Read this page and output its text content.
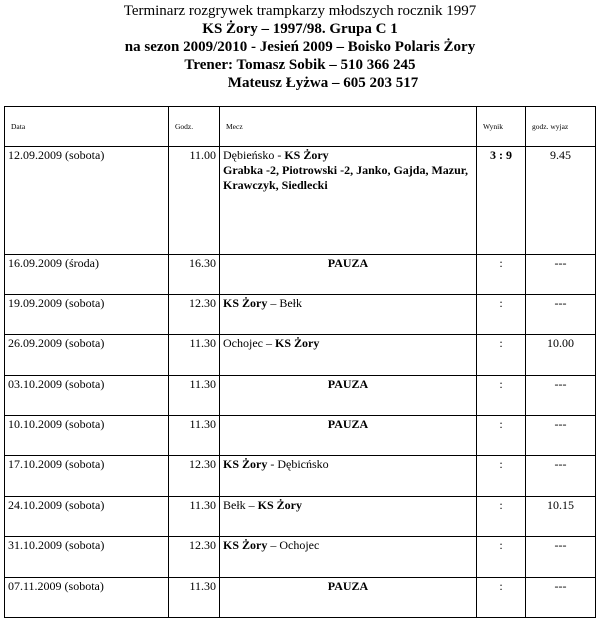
Terminarz rozgrywek trampkarzy młodszych rocznik 1997
KS Żory – 1997/98. Grupa C 1
na sezon 2009/2010 - Jesień 2009 – Boisko Polaris Żory
Trener: Tomasz Sobik – 510 366 245
Mateusz Łyżwa – 605 203 517
Data	Godz.	Mecz	Wynik	godz. wyjaz
12.09.2009 (sobota)	11.00	Dębieńsko - KS Żory
Grabka -2, Piotrowski -2, Janko, Gajda, Mazur, Krawczyk, Siedlecki	3 : 9	9.45
16.09.2009 (środa)	16.30	PAUZA	:	---
19.09.2009 (sobota)	12.30	KS Żory – Bełk	:	---
26.09.2009 (sobota)	11.30	Ochojec – KS Żory	:	10.00
03.10.2009 (sobota)	11.30	PAUZA	:	---
10.10.2009 (sobota)	11.30	PAUZA	:	---
17.10.2009 (sobota)	12.30	KS Żory - Dębicńsko	:	---
24.10.2009 (sobota)	11.30	Bełk – KS Żory	:	10.15
31.10.2009 (sobota)	12.30	KS Żory – Ochojec	:	---
07.11.2009 (sobota)	11.30	PAUZA	:	---
